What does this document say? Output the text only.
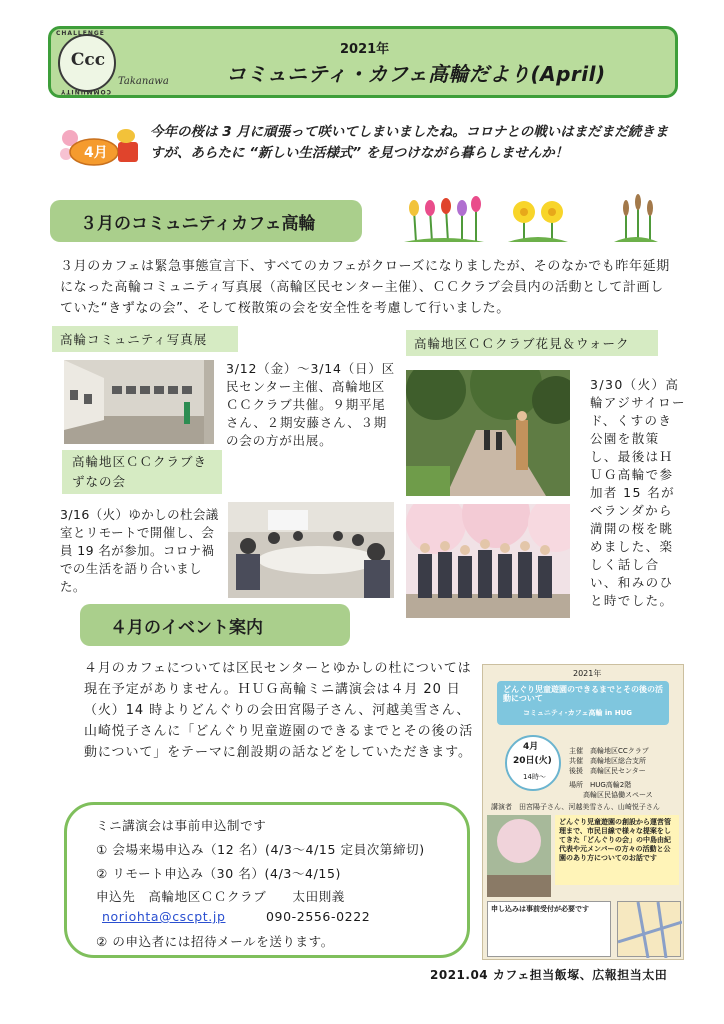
CHALLENGE
COMMUNITY
Ccc
Takanawa
2021年
コミュニティ・カフェ高輪だより(April)
4月
今年の桜は 3 月に頑張って咲いてしまいましたね。コロナとの戦いはまだまだ続きますが、あらたに “新しい生活様式” を見つけながら暮らしませんか！
３月のコミュニティカフェ高輪
３月のカフェは緊急事態宣言下、すべてのカフェがクローズになりましたが、そのなかでも昨年延期になった高輪コミュニティ写真展（高輪区民センター主催）、ＣＣクラブ会員内の活動として計画していた“きずなの会”、そして桜散策の会を安全性を考慮して行いました。
高輪コミュニティ写真展
3/12（金）～3/14（日）区民センター主催、高輪地区ＣＣクラブ共催。９期平尾さん、２期安藤さん、３期の会の方が出展。
高輪地区ＣＣクラブきずなの会
3/16（火）ゆかしの杜会議室とリモートで開催し、会員 19 名が参加。コロナ禍での生活を語り合いました。
高輪地区ＣＣクラブ花見＆ウォーク
3/30（火）高輪アジサイロード、くすのき公園を散策し、最後はＨＵＧ高輪で参加者 15 名がベランダから満開の桜を眺めました、楽しく話し合い、和みのひと時でした。
４月のイベント案内
４月のカフェについては区民センターとゆかしの杜については現在予定がありません。ＨＵＧ高輪ミニ講演会は４月 20 日（火）14 時よりどんぐりの会田宮陽子さん、河越美雪さん、山崎悦子さんに「どんぐり児童遊園のできるまでとその後の活動について」をテーマに創設期の話などをしていただきます。
ミニ講演会は事前申込制です
① 会場来場申込み（12 名）(4/3～4/15 定員次第締切)
② リモート申込み（30 名）(4/3～4/15)
申込先　高輪地区ＣＣクラブ　　太田則義
noriohta@cscpt.jp	090-2556-0222
② の申込者には招待メールを送ります。
2021年
どんぐり児童遊園のできるまでとその後の活動について
コミュニティ･カフェ高輪 in HUG
4月
20日(火)
14時～
主催　高輪地区CCクラブ
共催　高輪地区総合支所
後援　高輪区民センター
場所　HUG高輪2階
高輪区民協働スペース
講演者　田宮陽子さん、河越美雪さん、山崎悦子さん
どんぐり児童遊園の創設から運営管理まで、市民目線で様々な提案をしてきた「どんぐりの会」の中島由紀代表や元メンバーの方々の活動と公園のあり方についてのお話です
申し込みは事前受付が必要です
2021.04 カフェ担当飯塚、広報担当太田
